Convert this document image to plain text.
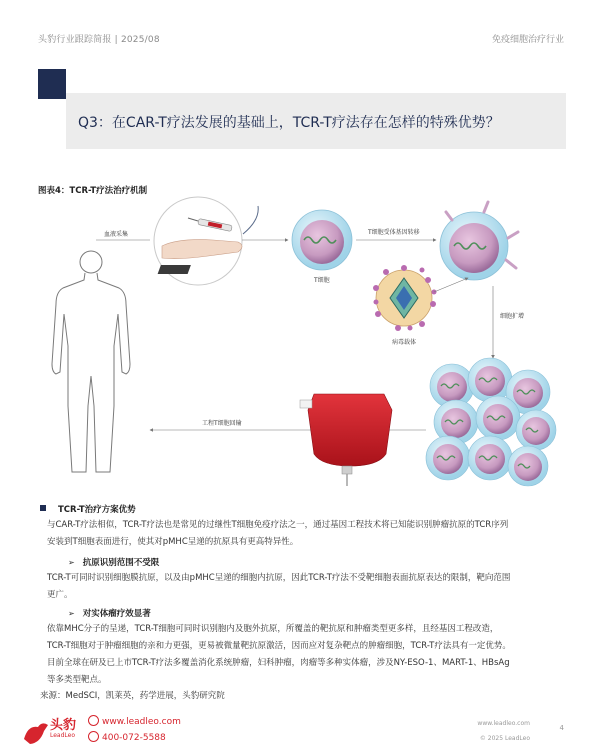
头豹行业跟踪简报 | 2025/08	免疫细胞治疗行业
Q3：在CAR-T疗法发展的基础上，TCR-T疗法存在怎样的特殊优势？
图表4：TCR-T疗法治疗机制
血液采集
T细胞
T细胞受体基因转移
病毒载体
细胞扩增
工程T细胞回输
TCR-T治疗方案优势
与CAR-T疗法相似，TCR-T疗法也是常见的过继性T细胞免疫疗法之一，通过基因工程技术将已知能识别肿瘤抗原的TCR序列
安装到T细胞表面进行，使其对pMHC呈递的抗原具有更高特异性。
➢ 抗原识别范围不受限
TCR-T可同时识别细胞膜抗原，以及由pMHC呈递的细胞内抗原，因此TCR-T疗法不受靶细胞表面抗原表达的限制，靶向范围
更广。
➢ 对实体瘤疗效显著
依靠MHC分子的呈递，TCR-T细胞可同时识别胞内及胞外抗原，所覆盖的靶抗原和肿瘤类型更多样，且经基因工程改造，
TCR-T细胞对于肿瘤细胞的亲和力更强，更易被微量靶抗原激活，因而应对复杂靶点的肿瘤细胞，TCR-T疗法具有一定优势。
目前全球在研及已上市TCR-T疗法多覆盖消化系统肿瘤，妇科肿瘤，肉瘤等多种实体瘤，涉及NY-ESO-1、MART-1、HBsAg
等多类型靶点。
来源：MedSCI，凯莱英，药学进展，头豹研究院
头豹
LeadLeo
www.leadleo.com
400-072-5588
www.leadleo.com
© 2025 LeadLeo
4
